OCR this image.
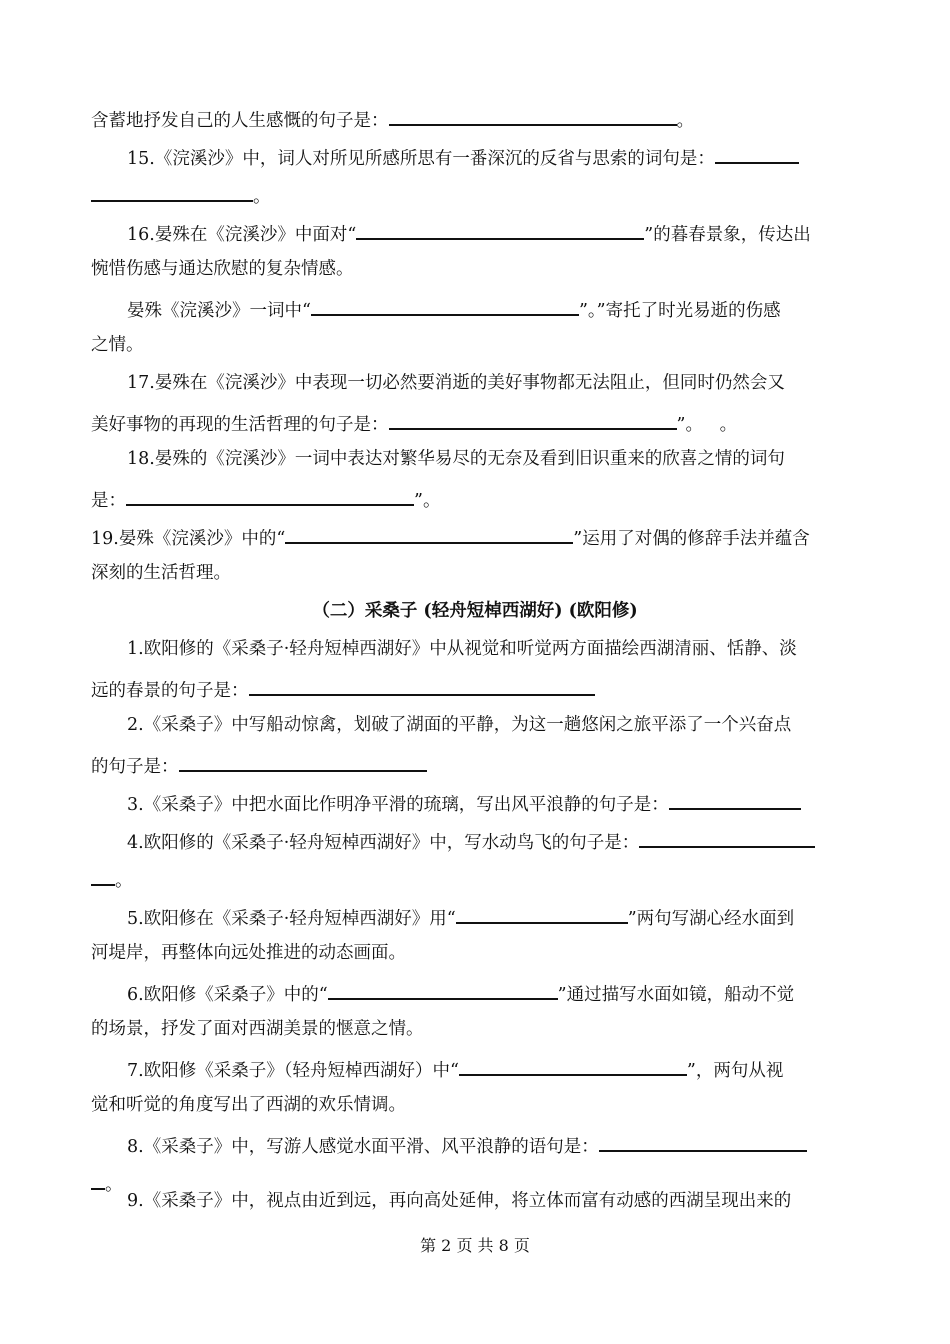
含蓄地抒发自己的人生感慨的句子是：	。
15.《浣溪沙》中，词人对所见所感所思有一番深沉的反省与思索的词句是：
。
16.晏殊在《浣溪沙》中面对“	”的暮春景象，传达出
惋惜伤感与通达欣慰的复杂情感。
晏殊《浣溪沙》一词中“	”。”寄托了时光易逝的伤感
之情。
17.晏殊在《浣溪沙》中表现一切必然要消逝的美好事物都无法阻止，但同时仍然会又
美好事物的再现的生活哲理的句子是：	”。   。
18.晏殊的《浣溪沙》一词中表达对繁华易尽的无奈及看到旧识重来的欣喜之情的词句
是：	”。
19.晏殊《浣溪沙》中的“	”运用了对偶的修辞手法并蕴含
深刻的生活哲理。
（二）采桑子 (轻舟短棹西湖好) (欧阳修)
1.欧阳修的《采桑子·轻舟短棹西湖好》中从视觉和听觉两方面描绘西湖清丽、恬静、淡
远的春景的句子是：
2.《采桑子》中写船动惊禽，划破了湖面的平静，为这一趟悠闲之旅平添了一个兴奋点
的句子是：
3.《采桑子》中把水面比作明净平滑的琉璃，写出风平浪静的句子是：
4.欧阳修的《采桑子·轻舟短棹西湖好》中，写水动鸟飞的句子是：
。
5.欧阳修在《采桑子·轻舟短棹西湖好》用“	”两句写湖心经水面到
河堤岸，再整体向远处推进的动态画面。
6.欧阳修《采桑子》中的“	”通过描写水面如镜，船动不觉
的场景，抒发了面对西湖美景的惬意之情。
7.欧阳修《采桑子》（轻舟短棹西湖好）中“	”，两句从视
觉和听觉的角度写出了西湖的欢乐情调。
8.《采桑子》中，写游人感觉水面平滑、风平浪静的语句是：
。
9.《采桑子》中，视点由近到远，再向高处延伸，将立体而富有动感的西湖呈现出来的
第 2 页 共 8 页
